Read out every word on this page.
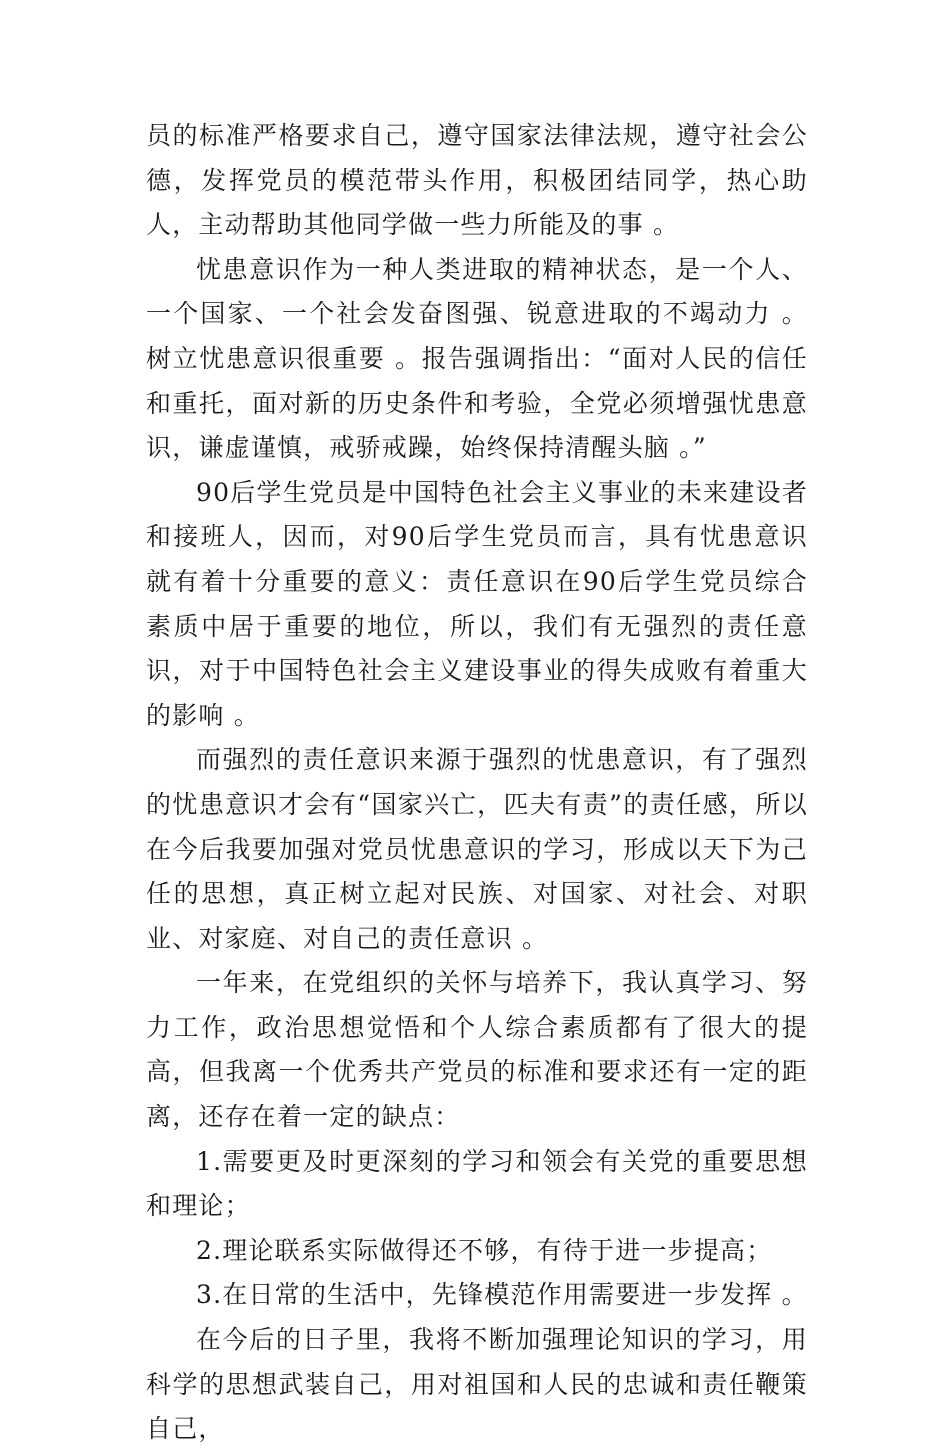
员的标准严格要求自己，遵守国家法律法规，遵守社会公德，发挥党员的模范带头作用，积极团结同学，热心助人，主动帮助其他同学做一些力所能及的事 。

忧患意识作为一种人类进取的精神状态，是一个人、一个国家、一个社会发奋图强、锐意进取的不竭动力 。树立忧患意识很重要 。报告强调指出：“面对人民的信任和重托，面对新的历史条件和考验，全党必须增强忧患意识，谦虚谨慎，戒骄戒躁，始终保持清醒头脑 。”

90后学生党员是中国特色社会主义事业的未来建设者和接班人，因而，对90后学生党员而言，具有忧患意识就有着十分重要的意义：责任意识在90后学生党员综合素质中居于重要的地位，所以，我们有无强烈的责任意识，对于中国特色社会主义建设事业的得失成败有着重大的影响 。

而强烈的责任意识来源于强烈的忧患意识，有了强烈的忧患意识才会有“国家兴亡，匹夫有责”的责任感，所以在今后我要加强对党员忧患意识的学习，形成以天下为己任的思想，真正树立起对民族、对国家、对社会、对职业、对家庭、对自己的责任意识 。

一年来，在党组织的关怀与培养下，我认真学习、努力工作，政治思想觉悟和个人综合素质都有了很大的提高，但我离一个优秀共产党员的标准和要求还有一定的距离，还存在着一定的缺点：

1.需要更及时更深刻的学习和领会有关党的重要思想和理论；

2.理论联系实际做得还不够，有待于进一步提高；

3.在日常的生活中，先锋模范作用需要进一步发挥 。

在今后的日子里，我将不断加强理论知识的学习，用科学的思想武装自己，用对祖国和人民的忠诚和责任鞭策自己，
